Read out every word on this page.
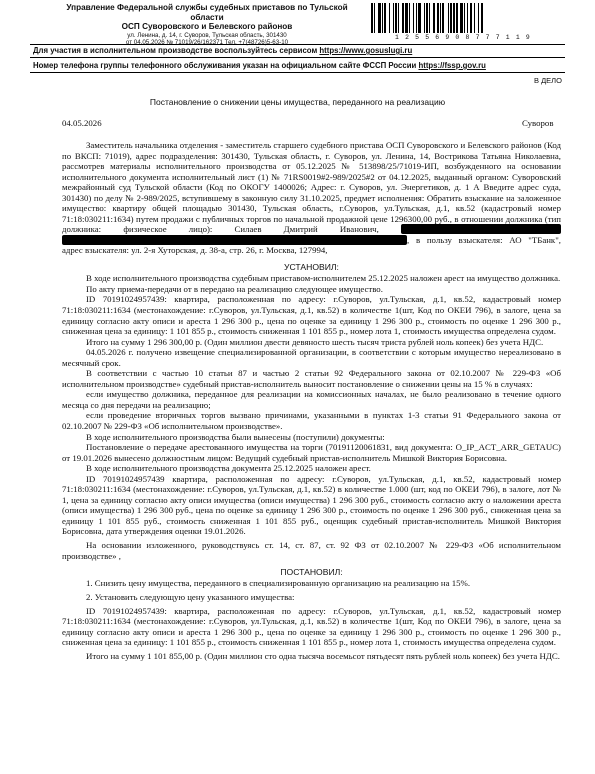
Управление Федеральной службы судебных приставов по Тульской области
ОСП Суворовского и Белевского районов
ул. Ленина, д. 14, г. Суворов, Тульская область, 301430
от 04.05.2026 № 71019/26/162371 Тел. +7(48726)5-63-10
1 2 5 5 6 9 0 8 7 7 7 1 1 9
Для участия в исполнительном производстве воспользуйтесь сервисом https://www.gosuslugi.ru
Номер телефона группы телефонного обслуживания указан на официальном сайте ФССП России https://fssp.gov.ru
В ДЕЛО
Постановление о снижении цены имущества, переданного на реализацию
04.05.2026	Суворов

Заместитель начальника отделения - заместитель старшего судебного пристава ОСП Суворовского и Белевского районов (Код по ВКСП: 71019), адрес подразделения: 301430, Тульская область, г. Суворов, ул. Ленина, 14, Вострикова Татьяна Николаевна, рассмотрев материалы исполнительного производства от 05.12.2025 № 513898/25/71019-ИП, возбужденного на основании исполнительного документа исполнительный лист (1) № 71RS0019#2-989/2025#2 от 04.12.2025, выданный органом: Суворовский межрайонный суд Тульской области (Код по ОКОГУ 1400026; Адрес: г. Суворов, ул. Энергетиков, д. 1 А Введите адрес суда, 301430) по делу № 2-989/2025, вступившему в законную силу 31.10.2025, предмет исполнения: Обратить взыскание на заложенное имущество: квартиру общей площадью 301430, Тульская область, г.Суворов, ул.Тульская, д.1, кв.52 (кадастровый номер 71:18:030211:1634) путем продажи с публичных торгов по начальной продажной цене 1296300,00 руб., в отношении должника (тип должника: физическое лицо): Силаев Дмитрий Иванович,  , в пользу взыскателя: АО "ТБанк", адрес взыскателя: ул. 2-я Хуторская, д. 38-а, стр. 26, г. Москва, 127994,

УСТАНОВИЛ:

В ходе исполнительного производства судебным приставом-исполнителем 25.12.2025 наложен арест на имущество должника.

По акту приема-передачи от в передано на реализацию следующее имущество.

ID 70191024957439: квартира, расположенная по адресу: г.Суворов, ул.Тульская, д.1, кв.52, кадастровый номер 71:18:030211:1634 (местонахождение: г.Суворов, ул.Тульская, д.1, кв.52) в количестве 1(шт, Код по ОКЕИ 796), в залоге, цена за единицу согласно акту описи и ареста 1 296 300 р., цена по оценке за единицу 1 296 300 р., стоимость по оценке 1 296 300 р., сниженная цена за единицу: 1 101 855 р., стоимость сниженная 1 101 855 р., номер лота 1, стоимость имущества определена судом.

Итого на сумму 1 296 300,00 р. (Один миллион двести девяносто шесть тысяч триста рублей ноль копеек) без учета НДС.

04.05.2026 г. получено извещение специализированной организации, в соответствии с которым имущество нереализовано в месячный срок.

В соответствии с частью 10 статьи 87 и частью 2 статьи 92 Федерального закона от 02.10.2007 № 229-ФЗ «Об исполнительном производстве» судебный пристав-исполнитель выносит постановление о снижении цены на 15 % в случаях:

если имущество должника, переданное для реализации на комиссионных началах, не было реализовано в течение одного месяца со дня передачи на реализацию;

если проведение вторичных торгов вызвано причинами, указанными в пунктах 1-3 статьи 91 Федерального закона от 02.10.2007 № 229-ФЗ «Об исполнительном производстве».

В ходе исполнительного производства были вынесены (поступили) документы:

Постановление о передаче арестованного имущества на торги (70191120061831, вид документа: O_IP_ACT_ARR_GETAUC) от 19.01.2026 вынесено должностным лицом: Ведущий судебный пристав-исполнитель Мишкой Виктория Борисовна.

В ходе исполнительного производства документа 25.12.2025 наложен арест.

ID 70191024957439 квартира, расположенная по адресу: г.Суворов, ул.Тульская, д.1, кв.52, кадастровый номер 71:18:030211:1634 (местонахождение: г.Суворов, ул.Тульская, д.1, кв.52) в количестве 1.000 (шт, код по ОКЕИ 796), в залоге, лот № 1, цена за единицу согласно акту описи имущества (описи имущества) 1 296 300 руб., стоимость согласно акту о наложении ареста (описи имущества) 1 296 300 руб., цена по оценке за единицу 1 296 300 р., стоимость по оценке 1 296 300 руб., сниженная цена за единицу 1 101 855 руб., стоимость сниженная 1 101 855 руб., оценщик судебный пристав-исполнитель Мишкой Виктория Борисовна, дата утверждения оценки 19.01.2026.

На основании изложенного, руководствуясь ст. 14, ст. 87, ст. 92 ФЗ от 02.10.2007 № 229-ФЗ «Об исполнительном производстве» ,

ПОСТАНОВИЛ:

1. Снизить цену имущества, переданного в специализированную организацию на реализацию на 15%.

2. Установить следующую цену указанного имущества:

ID 70191024957439: квартира, расположенная по адресу: г.Суворов, ул.Тульская, д.1, кв.52, кадастровый номер 71:18:030211:1634 (местонахождение: г.Суворов, ул.Тульская, д.1, кв.52) в количестве 1(шт, Код по ОКЕИ 796), в залоге, цена за единицу согласно акту описи и ареста 1 296 300 р., цена по оценке за единицу 1 296 300 р., стоимость по оценке 1 296 300 р., сниженная цена за единицу: 1 101 855 р., стоимость сниженная 1 101 855 р., номер лота 1, стоимость имущества определена судом.

Итого на сумму 1 101 855,00 р. (Один миллион сто одна тысяча восемьсот пятьдесят пять рублей ноль копеек) без учета НДС.
